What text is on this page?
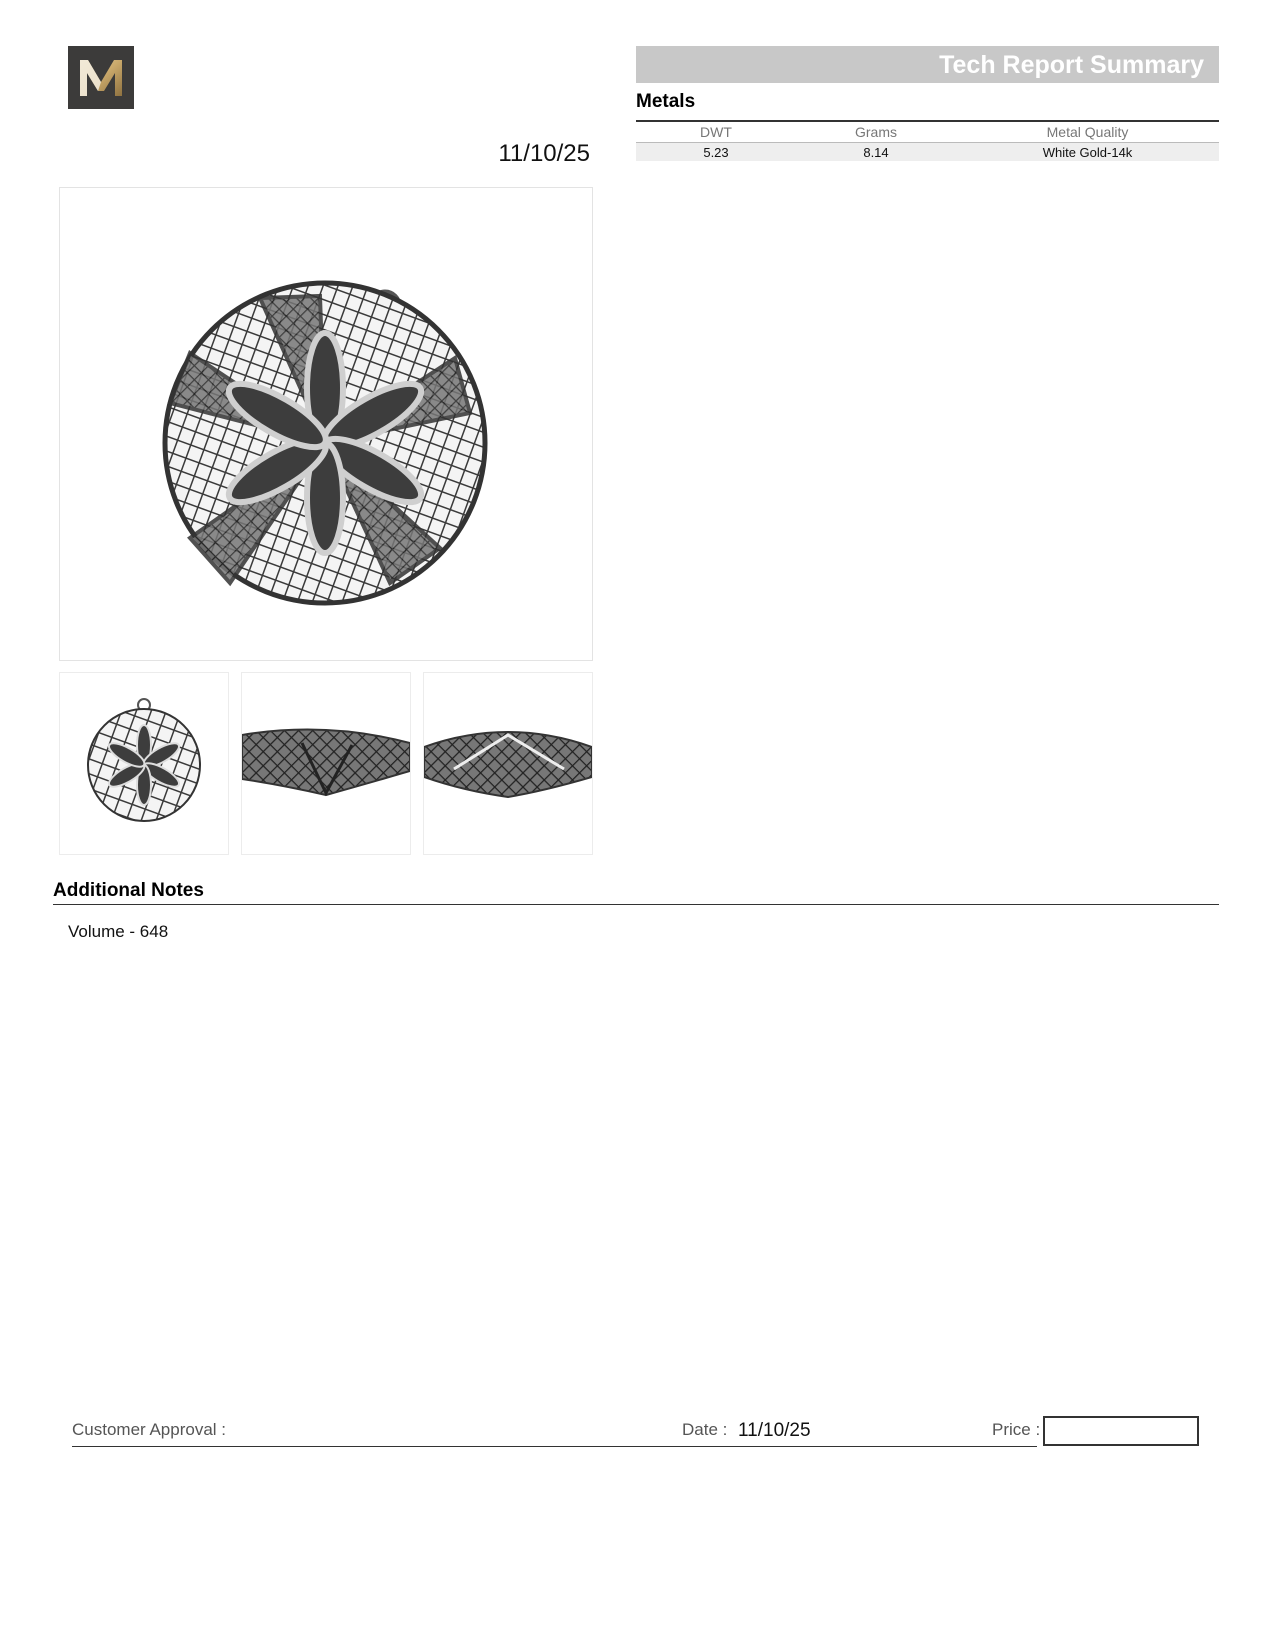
11/10/25
Tech Report Summary
Metals
DWT	Grams	Metal Quality
5.23	8.14	White Gold-14k
Additional Notes
Volume - 648
Customer Approval :	Date : 11/10/25	Price :
